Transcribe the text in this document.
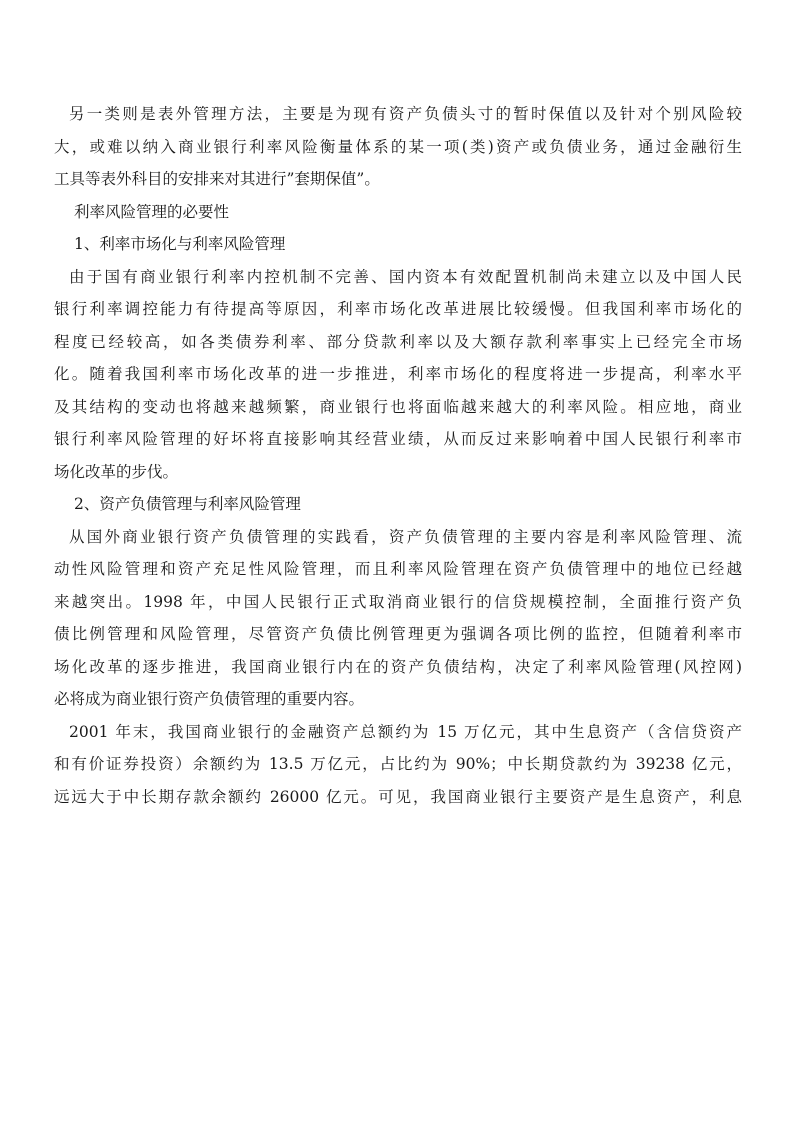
另一类则是表外管理方法，主要是为现有资产负债头寸的暂时保值以及针对个别风险较
大，或难以纳入商业银行利率风险衡量体系的某一项(类)资产或负债业务，通过金融衍生
工具等表外科目的安排来对其进行”套期保值”。
利率风险管理的必要性
1、利率市场化与利率风险管理
由于国有商业银行利率内控机制不完善、国内资本有效配置机制尚未建立以及中国人民
银行利率调控能力有待提高等原因，利率市场化改革进展比较缓慢。但我国利率市场化的
程度已经较高，如各类债券利率、部分贷款利率以及大额存款利率事实上已经完全市场
化。随着我国利率市场化改革的进一步推进，利率市场化的程度将进一步提高，利率水平
及其结构的变动也将越来越频繁，商业银行也将面临越来越大的利率风险。相应地，商业
银行利率风险管理的好坏将直接影响其经营业绩，从而反过来影响着中国人民银行利率市
场化改革的步伐。
2、资产负债管理与利率风险管理
从国外商业银行资产负债管理的实践看，资产负债管理的主要内容是利率风险管理、流
动性风险管理和资产充足性风险管理，而且利率风险管理在资产负债管理中的地位已经越
来越突出。1998 年，中国人民银行正式取消商业银行的信贷规模控制，全面推行资产负
债比例管理和风险管理，尽管资产负债比例管理更为强调各项比例的监控，但随着利率市
场化改革的逐步推进，我国商业银行内在的资产负债结构，决定了利率风险管理(风控网)
必将成为商业银行资产负债管理的重要内容。
2001 年末，我国商业银行的金融资产总额约为 15 万亿元，其中生息资产（含信贷资产
和有价证券投资）余额约为 13.5 万亿元，占比约为 90%；中长期贷款约为 39238 亿元，
远远大于中长期存款余额约 26000 亿元。可见，我国商业银行主要资产是生息资产，利息
